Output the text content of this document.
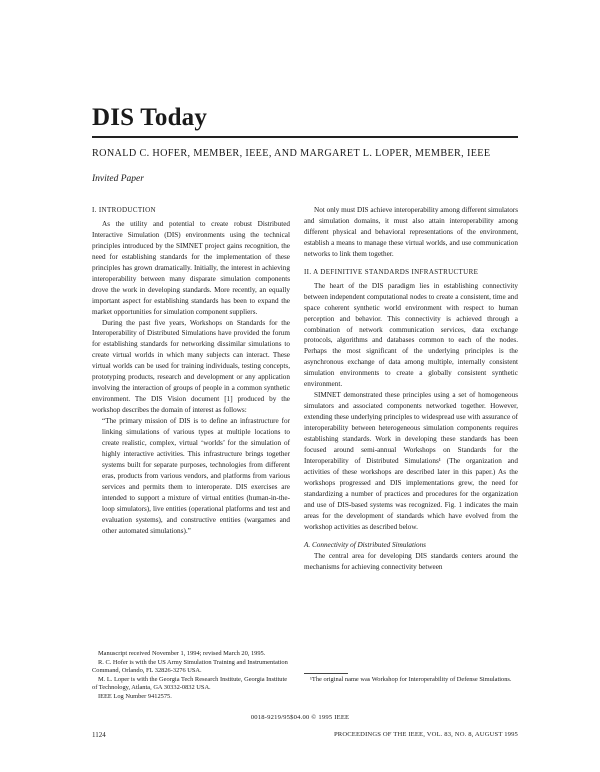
DIS Today
RONALD C. HOFER, MEMBER, IEEE, AND MARGARET L. LOPER, MEMBER, IEEE
Invited Paper

I. INTRODUCTION

As the utility and potential to create robust Distributed Interactive Simulation (DIS) environments using the technical principles introduced by the SIMNET project gains recognition, the need for establishing standards for the implementation of these principles has grown dramatically. Initially, the interest in achieving interoperability between many disparate simulation components drove the work in developing standards. More recently, an equally important aspect for establishing standards has been to expand the market opportunities for simulation component suppliers.

During the past five years, Workshops on Standards for the Interoperability of Distributed Simulations have provided the forum for establishing standards for networking dissimilar simulations to create virtual worlds in which many subjects can interact. These virtual worlds can be used for training individuals, testing concepts, prototyping products, research and development or any application involving the interaction of groups of people in a common synthetic environment. The DIS Vision document [1] produced by the workshop describes the domain of interest as follows:

“The primary mission of DIS is to define an infrastructure for linking simulations of various types at multiple locations to create realistic, complex, virtual ‘worlds’ for the simulation of highly interactive activities. This infrastructure brings together systems built for separate purposes, technologies from different eras, products from various vendors, and platforms from various services and permits them to interoperate. DIS exercises are intended to support a mixture of virtual entities (human-in-the-loop simulators), live entities (operational platforms and test and evaluation systems), and constructive entities (wargames and other automated simulations).”

Not only must DIS achieve interoperability among different simulators and simulation domains, it must also attain interoperability among different physical and behavioral representations of the environment, establish a means to manage these virtual worlds, and use communication networks to link them together.

II. A DEFINITIVE STANDARDS INFRASTRUCTURE

The heart of the DIS paradigm lies in establishing connectivity between independent computational nodes to create a consistent, time and space coherent synthetic world environment with respect to human perception and behavior. This connectivity is achieved through a combination of network communication services, data exchange protocols, algorithms and databases common to each of the nodes. Perhaps the most significant of the underlying principles is the asynchronous exchange of data among multiple, internally consistent simulation environments to create a globally consistent synthetic environment.

SIMNET demonstrated these principles using a set of homogeneous simulators and associated components networked together. However, extending these underlying principles to widespread use with assurance of interoperability between heterogeneous simulation components requires establishing standards. Work in developing these standards has been focused around semi-annual Workshops on Standards for the Interoperability of Distributed Simulations¹ (The organization and activities of these workshops are described later in this paper.) As the workshops progressed and DIS implementations grew, the need for standardizing a number of practices and procedures for the organization and use of DIS-based systems was recognized. Fig. 1 indicates the main areas for the development of standards which have evolved from the workshop activities as described below.

A. Connectivity of Distributed Simulations

The central area for developing DIS standards centers around the mechanisms for achieving connectivity between

Manuscript received November 1, 1994; revised March 20, 1995.

R. C. Hofer is with the US Army Simulation Training and Instrumentation Command, Orlando, FL 32826-3276 USA.

M. L. Loper is with the Georgia Tech Research Institute, Georgia Institute of Technology, Atlanta, GA 30332-0832 USA.

IEEE Log Number 9412575.

¹The original name was Workshop for Interoperability of Defense Simulations.
0018-9219/95$04.00 © 1995 IEEE
1124	PROCEEDINGS OF THE IEEE, VOL. 83, NO. 8, AUGUST 1995
